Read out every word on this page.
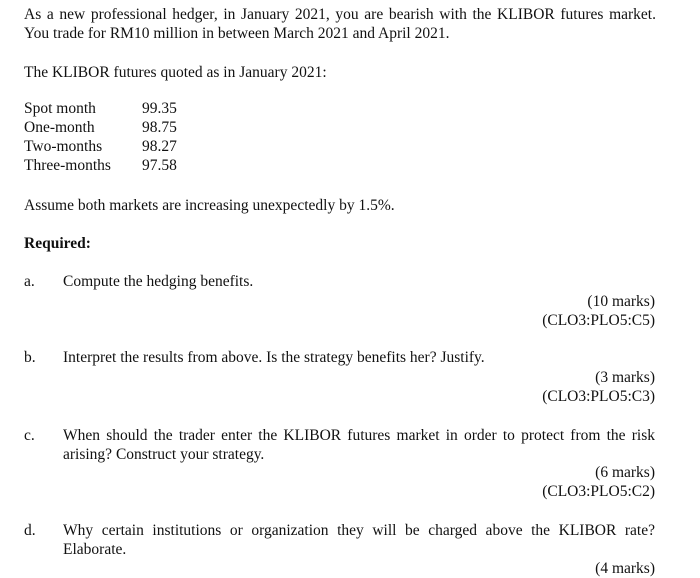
As a new professional hedger, in January 2021, you are bearish with the KLIBOR futures market. You trade for RM10 million in between March 2021 and April 2021.
The KLIBOR futures quoted as in January 2021:
Spot month	99.35
One-month	98.75
Two-months	98.27
Three-months	97.58
Assume both markets are increasing unexpectedly by 1.5%.
Required:
a. Compute the hedging benefits.
(10 marks)
(CLO3:PLO5:C5)
b. Interpret the results from above. Is the strategy benefits her? Justify.
(3 marks)
(CLO3:PLO5:C3)
c. When should the trader enter the KLIBOR futures market in order to protect from the risk arising? Construct your strategy.
(6 marks)
(CLO3:PLO5:C2)
d. Why certain institutions or organization they will be charged above the KLIBOR rate? Elaborate.
(4 marks)
